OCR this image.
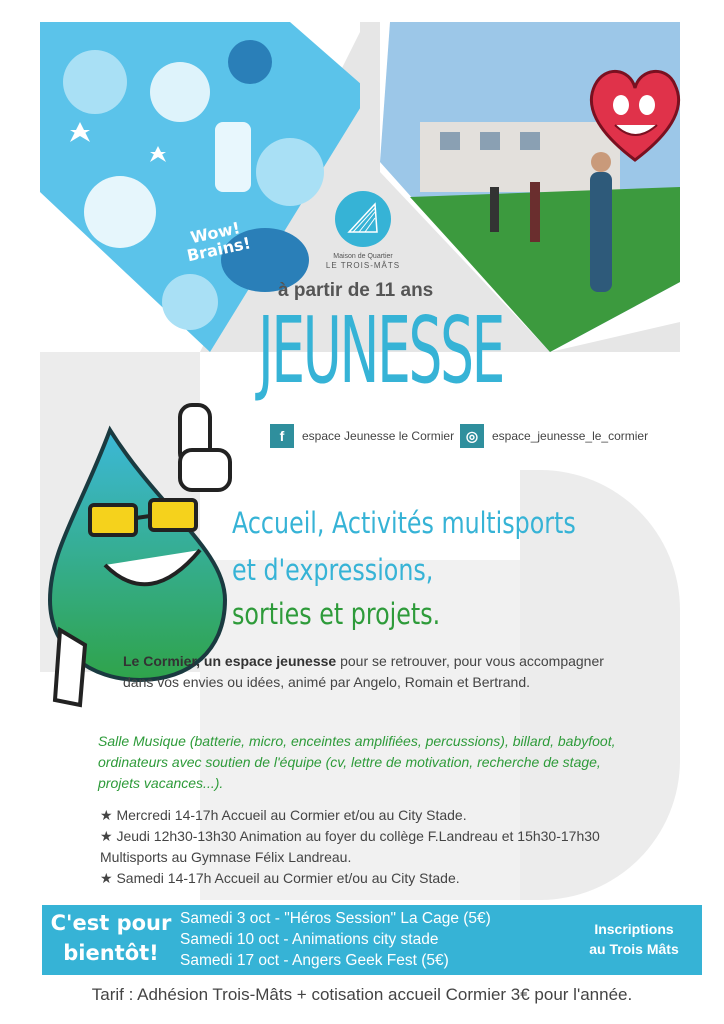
Wow! Brains!	Maison de Quartier
LE TROIS-MÂTS
à partir de 11 ans
JEUNESSE
f	espace Jeunesse le Cormier ◎	espace_jeunesse_le_cormier
Accueil, Activités multisports
et d'expressions,
sorties et projets.
Le Cormier, un espace jeunesse pour se retrouver, pour vous accompagner dans vos envies ou idées, animé par Angelo, Romain et Bertrand.
Salle Musique (batterie, micro, enceintes amplifiées, percussions), billard, babyfoot, ordinateurs avec soutien de l'équipe (cv, lettre de motivation, recherche de stage, projets vacances...).
★ Mercredi 14-17h Accueil au Cormier et/ou au City Stade.
★ Jeudi 12h30-13h30 Animation au foyer du collège F.Landreau et 15h30-17h30 Multisports au Gymnase Félix Landreau.
★ Samedi 14-17h Accueil au Cormier et/ou au City Stade.
C'est pour
bientôt!
Samedi 3 oct - "Héros Session" La Cage (5€)
Samedi 10 oct - Animations city stade
Samedi 17 oct - Angers Geek Fest (5€)
Inscriptions
au Trois Mâts
Tarif : Adhésion Trois-Mâts + cotisation accueil Cormier 3€ pour l'année.
